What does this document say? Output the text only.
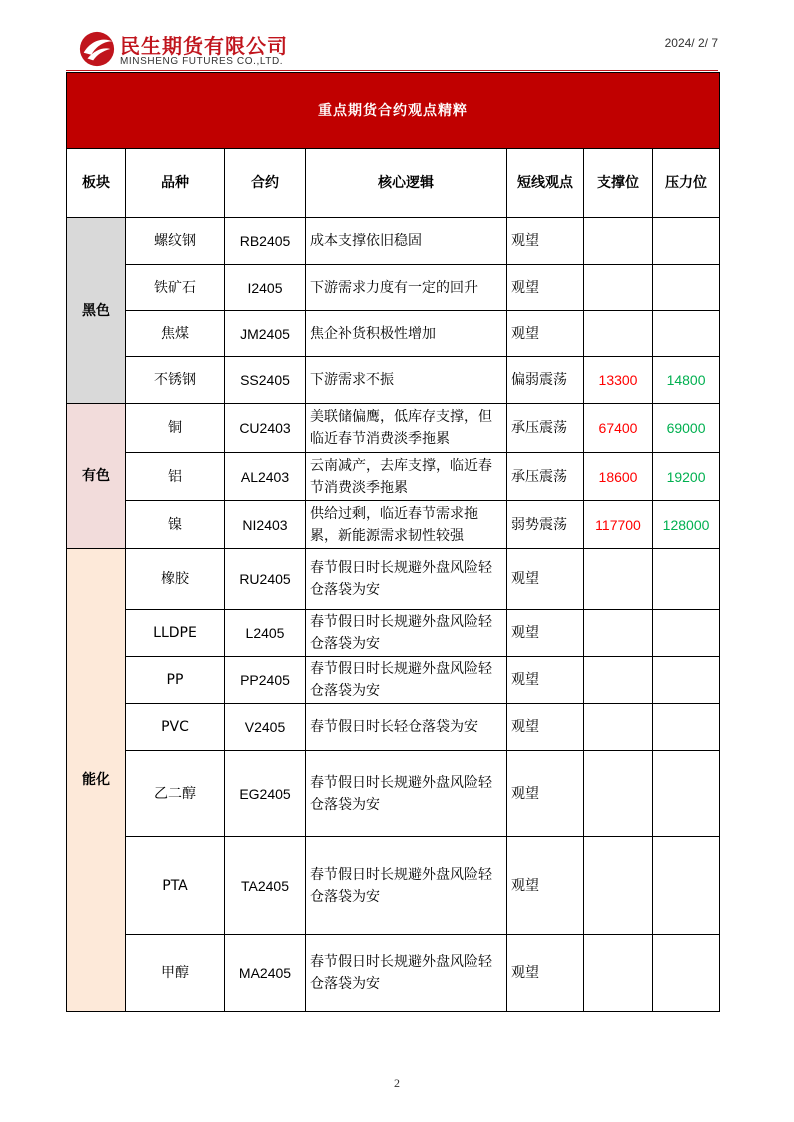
民生期货有限公司
MINSHENG FUTURES CO.,LTD.
2024/ 2/ 7
重点期货合约观点精粹						
板块	品种	合约	核心逻辑	短线观点	支撑位	压力位
黑色	螺纹钢	RB2405	成本支撑依旧稳固	观望		
	铁矿石	I2405	下游需求力度有一定的回升	观望		
	焦煤	JM2405	焦企补货积极性增加	观望		
	不锈钢	SS2405	下游需求不振	偏弱震荡	13300	14800
有色	铜	CU2403	美联储偏鹰，低库存支撑，但临近春节消费淡季拖累	承压震荡	67400	69000
	铝	AL2403	云南减产，去库支撑，临近春节消费淡季拖累	承压震荡	18600	19200
	镍	NI2403	供给过剩，临近春节需求拖累，新能源需求韧性较强	弱势震荡	117700	128000
能化	橡胶	RU2405	春节假日时长规避外盘风险轻仓落袋为安	观望		
	LLDPE	L2405	春节假日时长规避外盘风险轻仓落袋为安	观望		
	PP	PP2405	春节假日时长规避外盘风险轻仓落袋为安	观望		
	PVC	V2405	春节假日时长轻仓落袋为安	观望		
	乙二醇	EG2405	春节假日时长规避外盘风险轻仓落袋为安	观望		
	PTA	TA2405	春节假日时长规避外盘风险轻仓落袋为安	观望		
	甲醇	MA2405	春节假日时长规避外盘风险轻仓落袋为安	观望		
2
